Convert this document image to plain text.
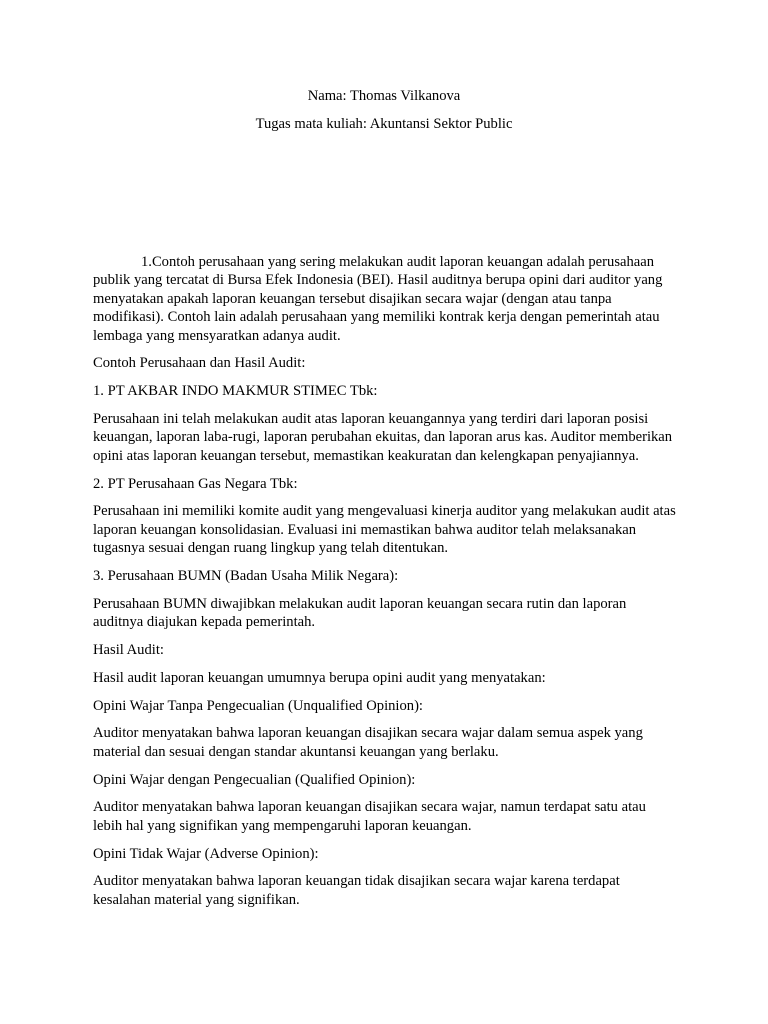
Nama: Thomas Vilkanova
Tugas mata kuliah: Akuntansi Sektor Public

1.Contoh perusahaan yang sering melakukan audit laporan keuangan adalah perusahaan publik yang tercatat di Bursa Efek Indonesia (BEI). Hasil auditnya berupa opini dari auditor yang menyatakan apakah laporan keuangan tersebut disajikan secara wajar (dengan atau tanpa modifikasi). Contoh lain adalah perusahaan yang memiliki kontrak kerja dengan pemerintah atau lembaga yang mensyaratkan adanya audit.

Contoh Perusahaan dan Hasil Audit:

1. PT AKBAR INDO MAKMUR STIMEC Tbk:

Perusahaan ini telah melakukan audit atas laporan keuangannya yang terdiri dari laporan posisi keuangan, laporan laba-rugi, laporan perubahan ekuitas, dan laporan arus kas. Auditor memberikan opini atas laporan keuangan tersebut, memastikan keakuratan dan kelengkapan penyajiannya.

2. PT Perusahaan Gas Negara Tbk:

Perusahaan ini memiliki komite audit yang mengevaluasi kinerja auditor yang melakukan audit atas laporan keuangan konsolidasian. Evaluasi ini memastikan bahwa auditor telah melaksanakan tugasnya sesuai dengan ruang lingkup yang telah ditentukan.

3. Perusahaan BUMN (Badan Usaha Milik Negara):

Perusahaan BUMN diwajibkan melakukan audit laporan keuangan secara rutin dan laporan auditnya diajukan kepada pemerintah.

Hasil Audit:

Hasil audit laporan keuangan umumnya berupa opini audit yang menyatakan:

Opini Wajar Tanpa Pengecualian (Unqualified Opinion):

Auditor menyatakan bahwa laporan keuangan disajikan secara wajar dalam semua aspek yang material dan sesuai dengan standar akuntansi keuangan yang berlaku.

Opini Wajar dengan Pengecualian (Qualified Opinion):

Auditor menyatakan bahwa laporan keuangan disajikan secara wajar, namun terdapat satu atau lebih hal yang signifikan yang mempengaruhi laporan keuangan.

Opini Tidak Wajar (Adverse Opinion):

Auditor menyatakan bahwa laporan keuangan tidak disajikan secara wajar karena terdapat kesalahan material yang signifikan.
